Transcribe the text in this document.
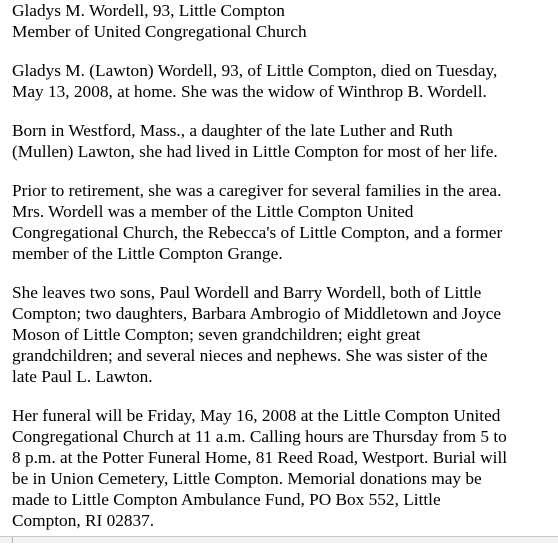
Gladys M. Wordell, 93, Little Compton
Member of United Congregational Church
Gladys M. (Lawton) Wordell, 93, of Little Compton, died on Tuesday,
May 13, 2008, at home. She was the widow of Winthrop B. Wordell.
Born in Westford, Mass., a daughter of the late Luther and Ruth
(Mullen) Lawton, she had lived in Little Compton for most of her life.
Prior to retirement, she was a caregiver for several families in the area.
Mrs. Wordell was a member of the Little Compton United
Congregational Church, the Rebecca's of Little Compton, and a former
member of the Little Compton Grange.
She leaves two sons, Paul Wordell and Barry Wordell, both of Little
Compton; two daughters, Barbara Ambrogio of Middletown and Joyce
Moson of Little Compton; seven grandchildren; eight great
grandchildren; and several nieces and nephews. She was sister of the
late Paul L. Lawton.
Her funeral will be Friday, May 16, 2008 at the Little Compton United
Congregational Church at 11 a.m. Calling hours are Thursday from 5 to
8 p.m. at the Potter Funeral Home, 81 Reed Road, Westport. Burial will
be in Union Cemetery, Little Compton. Memorial donations may be
made to Little Compton Ambulance Fund, PO Box 552, Little
Compton, RI 02837.
